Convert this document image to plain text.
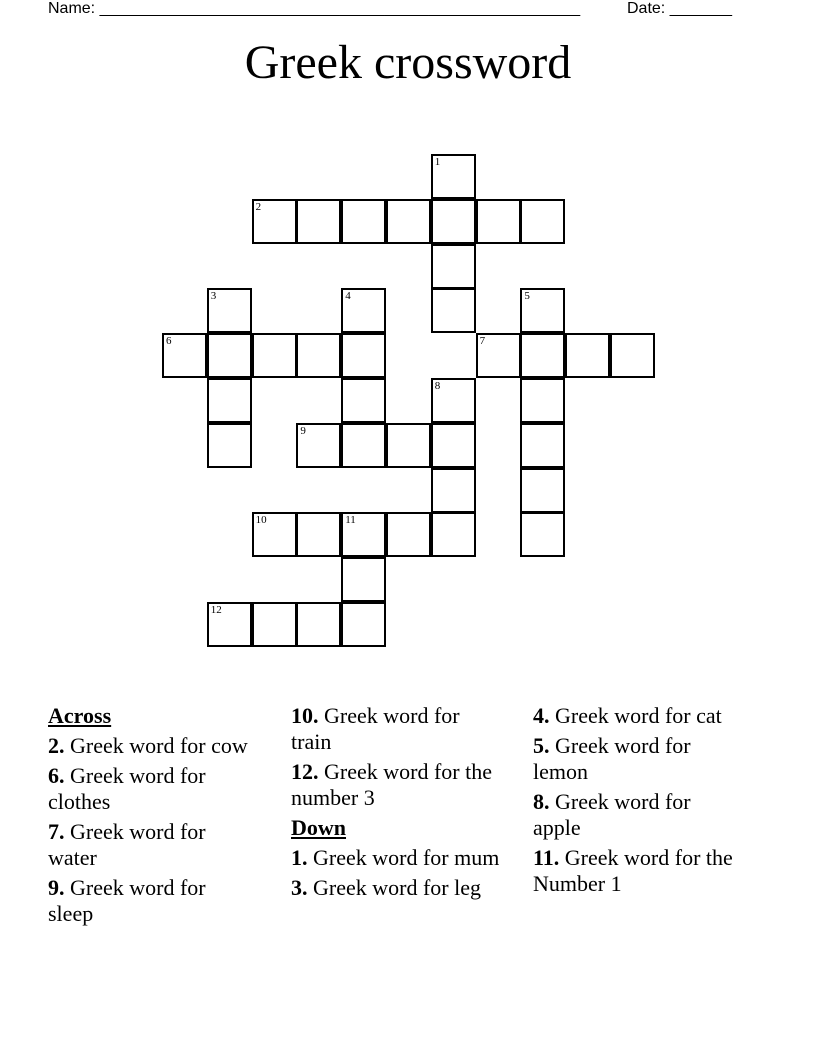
Name: ______________________________________________________	Date: _______
Greek crossword
1
2
3	4	5
6	7
8
9
10	11
12
Across
2. Greek word for cow
6. Greek word for clothes
7. Greek word for water
9. Greek word for sleep
10. Greek word for train
12. Greek word for the number 3
Down
1. Greek word for mum
3. Greek word for leg
4. Greek word for cat
5. Greek word for lemon
8. Greek word for apple
11. Greek word for the Number 1
